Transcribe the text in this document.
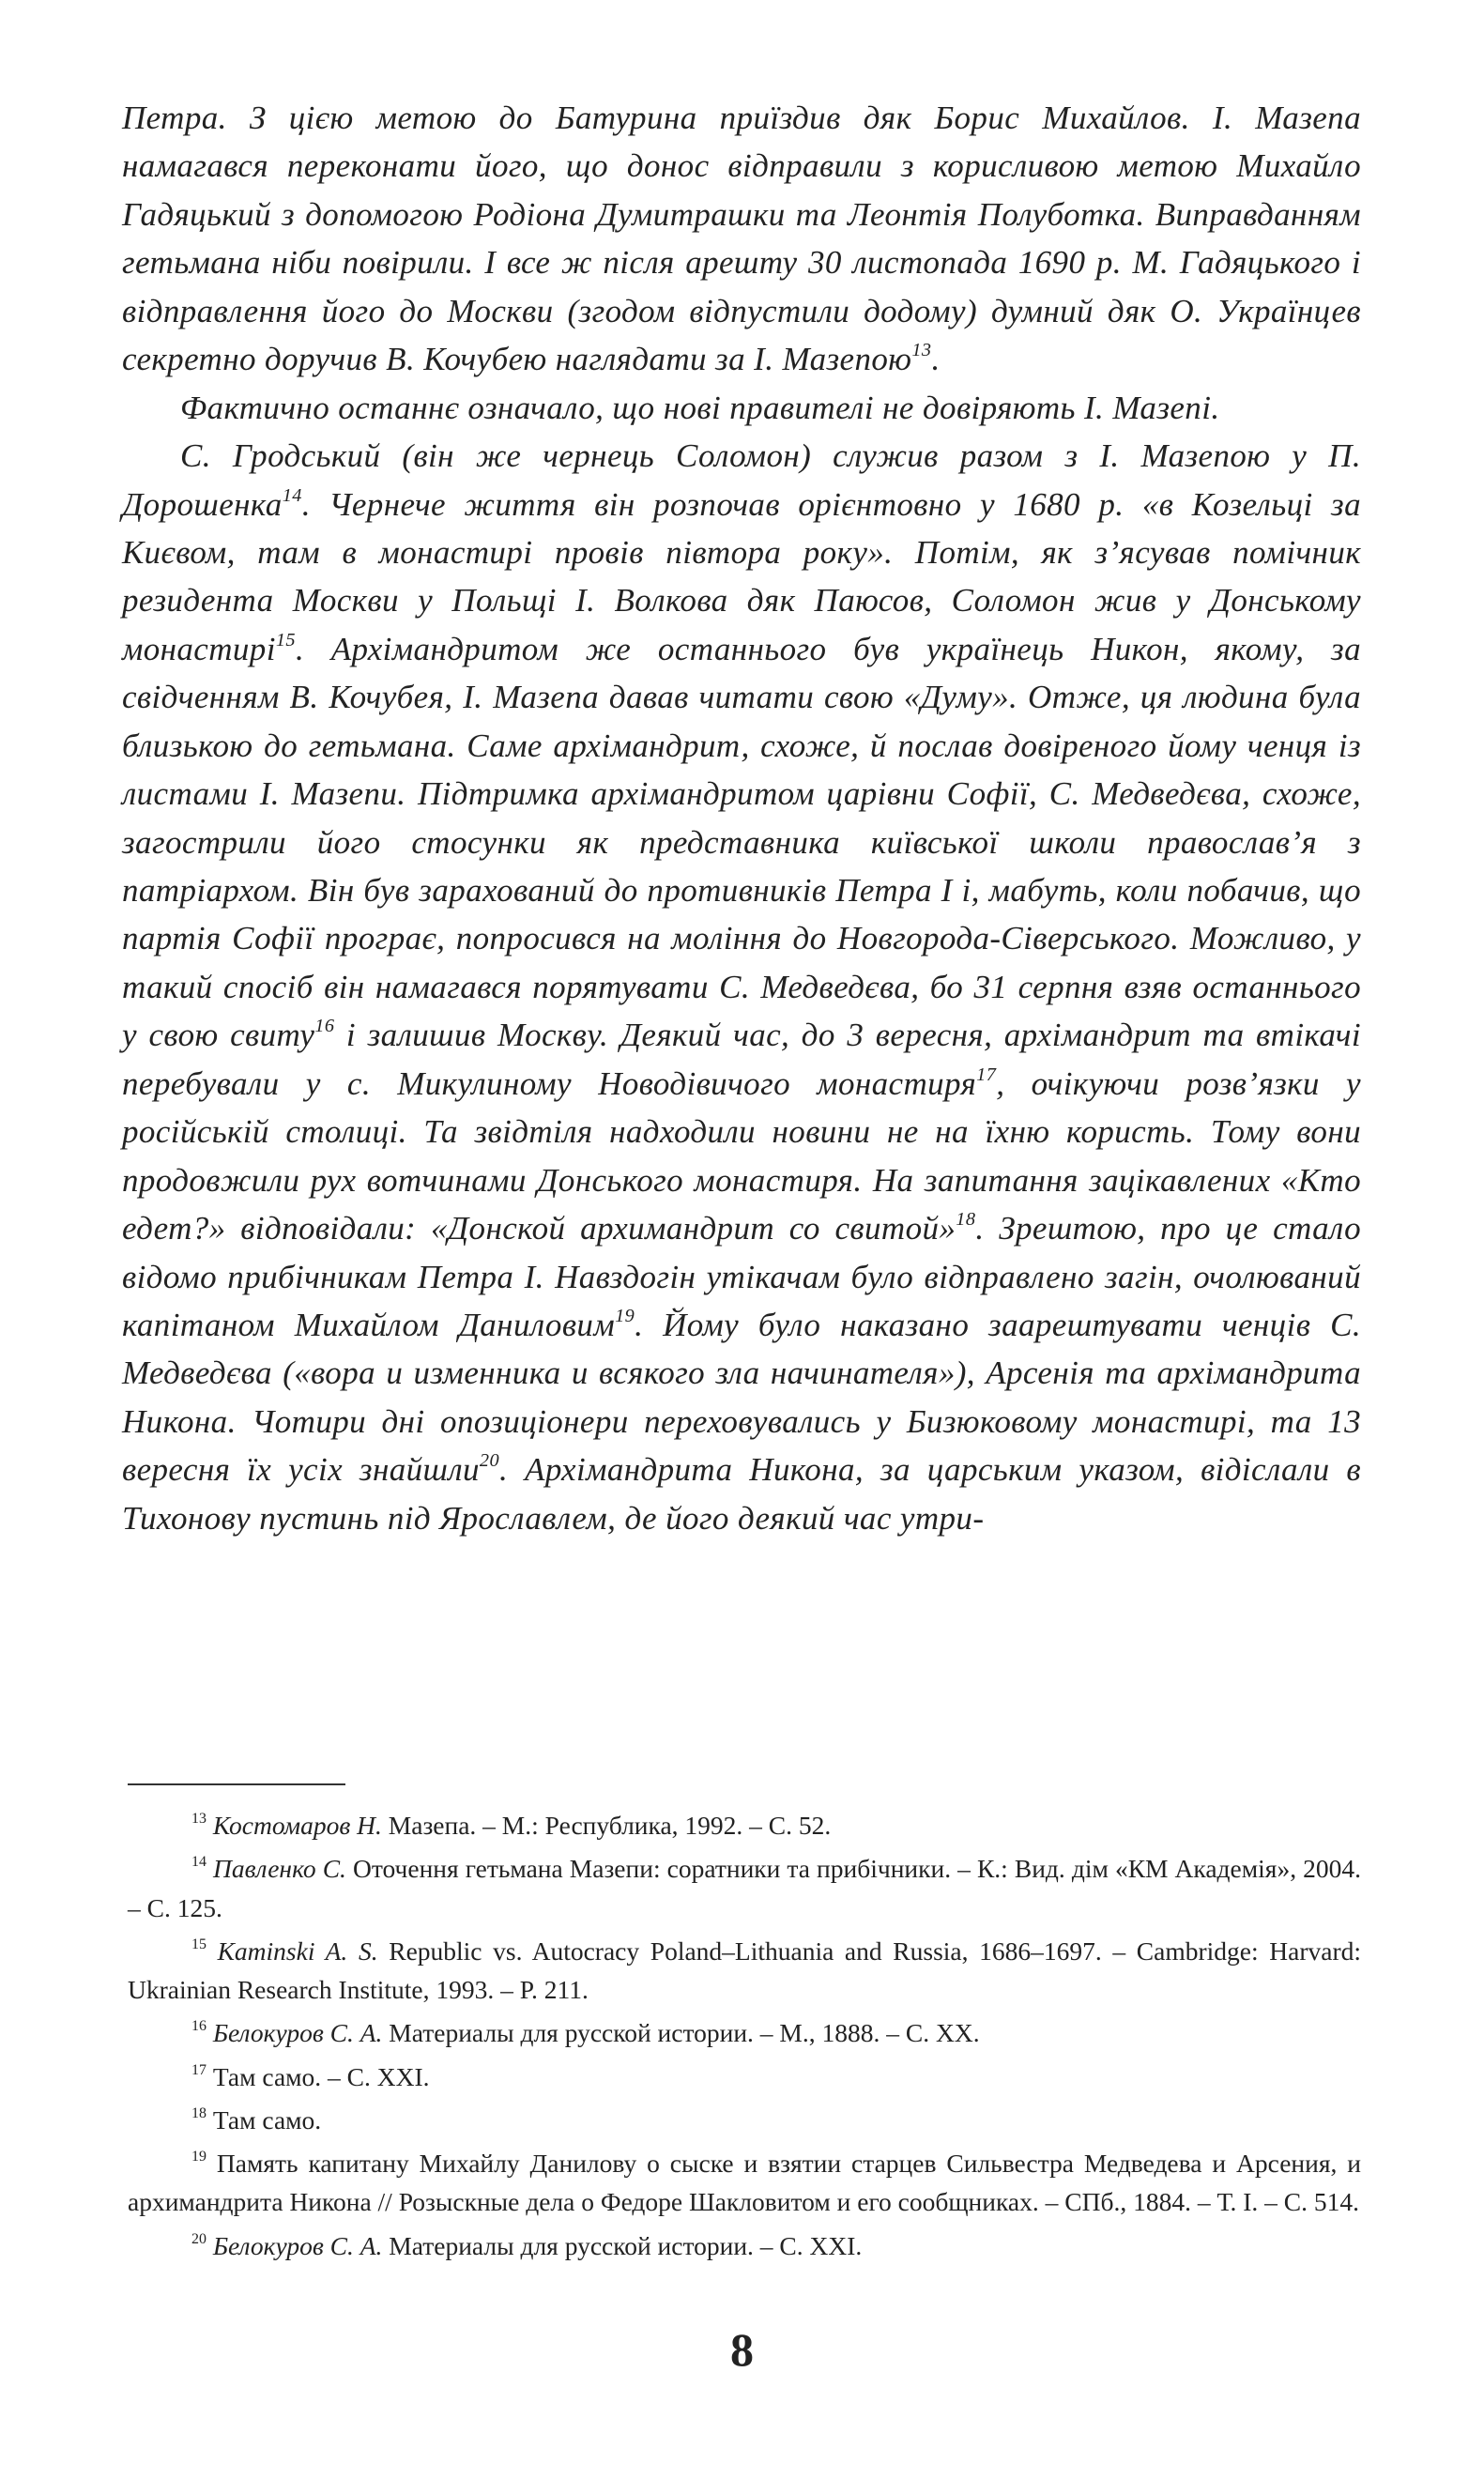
Петра. З цією метою до Батурина приїздив дяк Борис Михайлов. І. Мазепа намагався переконати його, що донос відправили з корисливою метою Михайло Гадяцький з допомогою Родіона Думитрашки та Леонтія Полуботка. Виправданням гетьмана ніби повірили. І все ж після арешту 30 листопада 1690 р. М. Гадяцького і відправлення його до Москви (згодом відпустили додому) думний дяк О. Українцев секретно доручив В. Кочубею наглядати за І. Мазепою$^{13}$.

Фактично останнє означало, що нові правителі не довіряють І. Мазепі.

С. Гродський (він же чернець Соломон) служив разом з І. Мазепою у П. Дорошенка$^{14}$. Чернече життя він розпочав орієнтовно у 1680 р. «в Козельці за Києвом, там в монастирі провів півтора року». Потім, як з’ясував помічник резидента Москви у Польщі І. Волкова дяк Паюсов, Соломон жив у Донському монастирі$^{15}$. Архімандритом же останнього був українець Никон, якому, за свідченням В. Кочубея, І. Мазепа давав читати свою «Думу». Отже, ця людина була близькою до гетьмана. Саме архімандрит, схоже, й послав довіреного йому ченця із листами І. Мазепи. Підтримка архімандритом царівни Софії, С. Медведєва, схоже, загострили його стосунки як представника київської школи православ’я з патріархом. Він був зарахований до противників Петра І і, мабуть, коли побачив, що партія Софії програє, попросився на моління до Новгорода-Сіверського. Можливо, у такий спосіб він намагався порятувати С. Медведєва, бо 31 серпня взяв останнього у свою свиту$^{16}$ і залишив Москву. Деякий час, до 3 вересня, архімандрит та втікачі перебували у с. Микулиному Новодівичого монастиря$^{17}$, очікуючи розв’язки у російській столиці. Та звідтіля надходили новини не на їхню користь. Тому вони продовжили рух вотчинами Донського монастиря. На запитання зацікавлених «Кто едет?» відповідали: «Донской архимандрит со свитой»$^{18}$. Зрештою, про це стало відомо прибічникам Петра І. Навздогін утікачам було відправлено загін, очолюваний капітаном Михайлом Даниловим$^{19}$. Йому було наказано заарештувати ченців С. Медведєва («вора и изменника и всякого зла начинателя»), Арсенія та архімандрита Никона. Чотири дні опозиціонери переховувались у Бизюковому монастирі, та 13 вересня їх усіх знайшли$^{20}$. Архімандрита Никона, за царським указом, відіслали в Тихонову пустинь під Ярославлем, де його деякий час утри-

$^{13}$ Костомаров Н. Мазепа. – М.: Республика, 1992. – С. 52.

$^{14}$ Павленко С. Оточення гетьмана Мазепи: соратники та прибічники. – К.: Вид. дім «КМ Академія», 2004. – С. 125.

$^{15}$ Kaminski A. S. Republic vs. Autocracy Poland–Lithuania and Russia, 1686–1697. – Cambridge: Harvard: Ukrainian Research Institute, 1993. – P. 211.

$^{16}$ Белокуров С. А. Материалы для русской истории. – М., 1888. – С. XX.

$^{17}$ Там само. – С. XXI.

$^{18}$ Там само.

$^{19}$ Память капитану Михайлу Данилову о сыске и взятии старцев Сильвестра Медведева и Арсения, и архимандрита Никона // Розыскные дела о Федоре Шакловитом и его сообщниках. – СПб., 1884. – Т. I. – С. 514.

$^{20}$ Белокуров С. А. Материалы для русской истории. – С. XXI.

8
